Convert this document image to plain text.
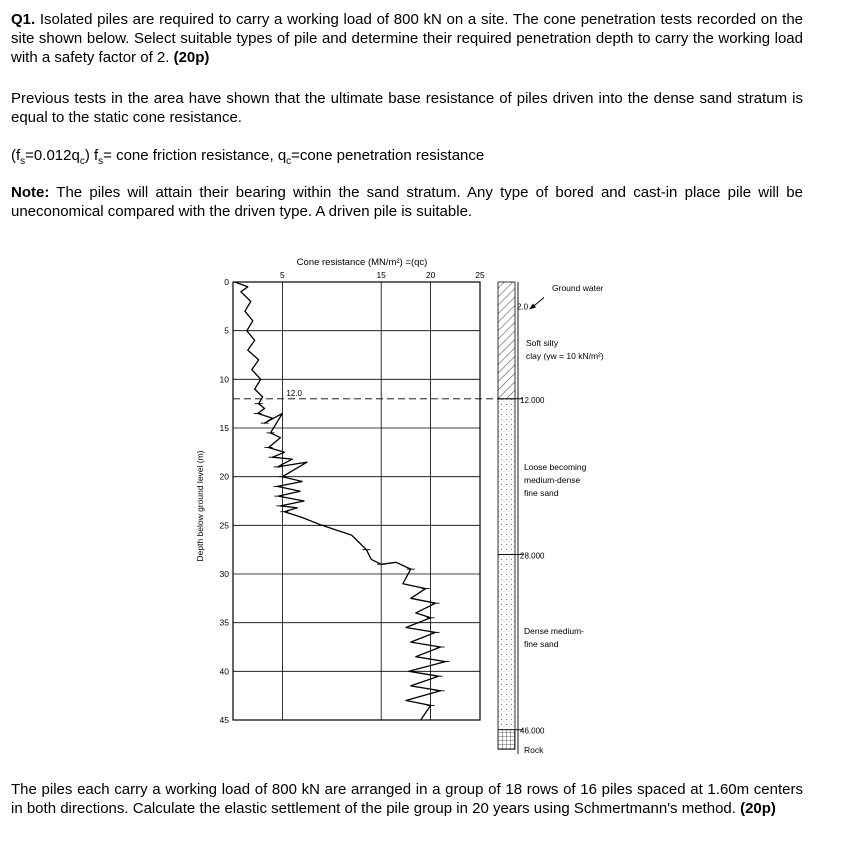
Q1. Isolated piles are required to carry a working load of 800 kN on a site. The cone penetration tests recorded on the site shown below. Select suitable types of pile and determine their required penetration depth to carry the working load with a safety factor of 2. (20p)

Previous tests in the area have shown that the ultimate base resistance of piles driven into the dense sand stratum is equal to the static cone resistance.

$(f_s=0.012q_c)$ $f_s=$ cone friction resistance, $q_c=cone$ penetration resistance

Note: The piles will attain their bearing within the sand stratum. Any type of bored and cast-in place pile will be uneconomical compared with the driven type. A driven pile is suitable.

Cone resistance (MN/m²) =(qc)
Depth below ground level (m)
5	15	20	25
0
5
10
15
20
25
30
35
40
45
12.0
Ground water
2.0
Soft silty
clay (γw = 10 kN/m²)
Loose becoming
medium-dense
fine sand
Dense medium-
fine sand
Rock
12.000
28.000
46.000

The piles each carry a working load of 800 kN are arranged in a group of 18 rows of 16 piles spaced at 1.60m centers in both directions. Calculate the elastic settlement of the pile group in 20 years using Schmertmann's method. (20p)
